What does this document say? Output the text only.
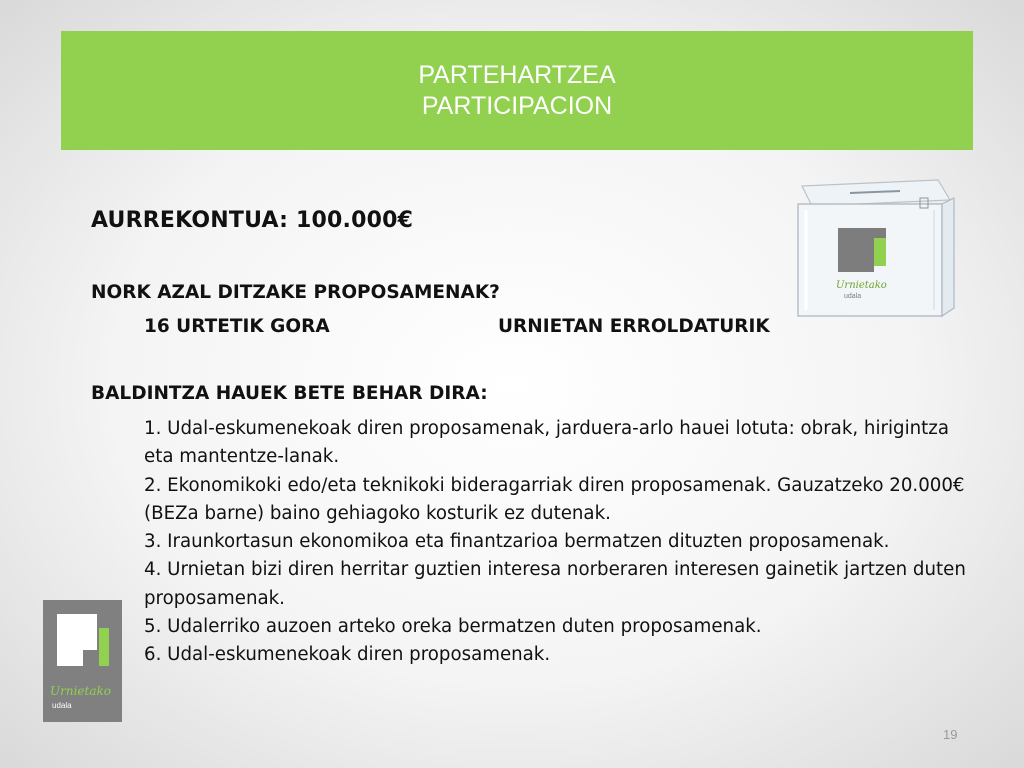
PARTEHARTZEA
PARTICIPACION
Urnietako
udala
AURREKONTUA: 100.000€
NORK AZAL DITZAKE PROPOSAMENAK?
16 URTETIK GORA	URNIETAN ERROLDATURIK
BALDINTZA HAUEK BETE BEHAR DIRA:
1. Udal-eskumenekoak diren proposamenak, jarduera-arlo hauei lotuta: obrak, hirigintza eta mantentze-lanak.
2. Ekonomikoki edo/eta teknikoki bideragarriak diren proposamenak. Gauzatzeko 20.000€ (BEZa barne) baino gehiagoko kosturik ez dutenak.
3. Iraunkortasun ekonomikoa eta finantzarioa bermatzen dituzten proposamenak.
4. Urnietan bizi diren herritar guztien interesa norberaren interesen gainetik jartzen duten proposamenak.
5. Udalerriko auzoen arteko oreka bermatzen duten proposamenak.
6. Udal-eskumenekoak diren proposamenak.
Urnietako
udala
19
